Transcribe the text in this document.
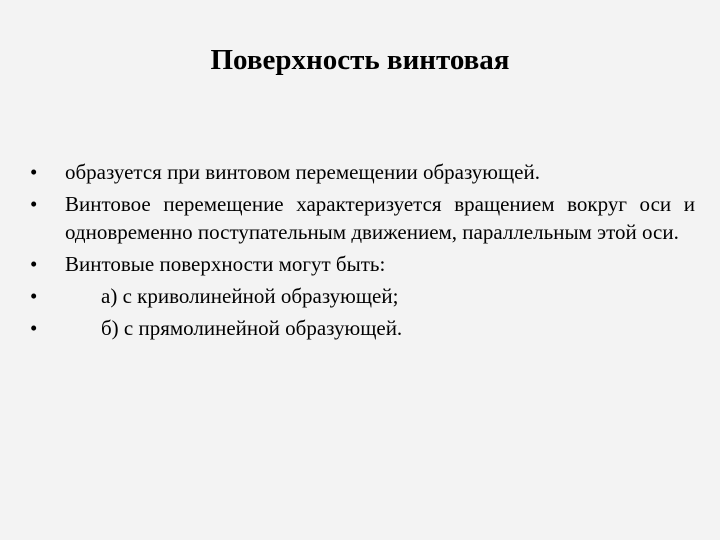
Поверхность винтовая
•	образуется при винтовом перемещении образующей.
•	Винтовое перемещение характеризуется вращением вокруг оси и одновременно поступательным движением, параллельным этой оси.
•	Винтовые поверхности могут быть:
•	а) с криволинейной образующей;
•	б) с прямолинейной образующей.
